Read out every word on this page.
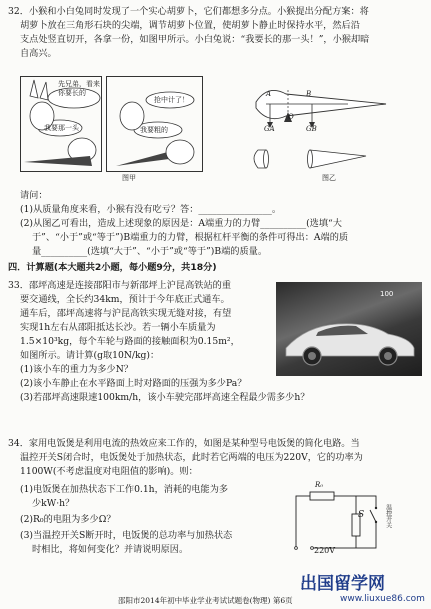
32．小猴和小白兔同时发现了一个实心胡萝卜，它们都想多分点。小猴提出分配方案：将
胡萝卜放在三角形石块的尖端，调节胡萝卜位置，使胡萝卜静止时保持水平，然后沿
支点处竖直切开，各拿一份，如图甲所示。小白兔说：“我要长的那一头！”，小猴却暗
自高兴。
先兄弟，看来
你要长的
我要那一头
抢中计了！
我要粗的
图甲
A	B
O
GA	GB
图乙
请问：
(1)从质量角度来看，小猴有没有吃亏？答：________________。
(2)从图乙可看出，造成上述现象的原因是：A端重力的力臂__________(选填“大
于”、“小于”或“等于”)B端重力的力臂，根据杠杆平衡的条件可得出：A端的质
量__________(选填“大于”、“小于”或“等于”)B端的质量。
四．计算题(本大题共2小题，每小题9分，共18分)
33．邵坪高速是连接邵阳市与新邵坪上沪昆高铁站的重
要交通线，全长约34km，预计于今年底正式通车。
通车后，邵坪高速将与沪昆高铁实现无缝对接，有望
实现1h左右从邵阳抵达长沙。若一辆小车质量为
1.5×10³kg，每个车轮与路面的接触面积为0.15m²，
如图所示。请计算(g取10N/kg)：
100
(1)该小车的重力为多少N？
(2)该小车静止在水平路面上时对路面的压强为多少Pa？
(3)若邵坪高速限速100km/h，该小车驶完邵坪高速全程最少需多少h？
34．家用电饭煲是利用电流的热效应来工作的，如图是某种型号电饭煲的简化电路。当
温控开关S闭合时，电饭煲处于加热状态，此时若它两端的电压为220V，它的功率为
1100W(不考虑温度对电阻值的影响)。则：
(1)电饭煲在加热状态下工作0.1h，消耗的电能为多
少kW·h？
(2)R₀的电阻为多少Ω？
(3)当温控开关S断开时，电饭煲的总功率与加热状态
时相比，将如何变化？并请说明原因。
R₀
S	温控开关
220V
邵阳市2014年初中毕业学业考试试题卷(物理) 第6页
出国留学网
www.liuxue86.com
